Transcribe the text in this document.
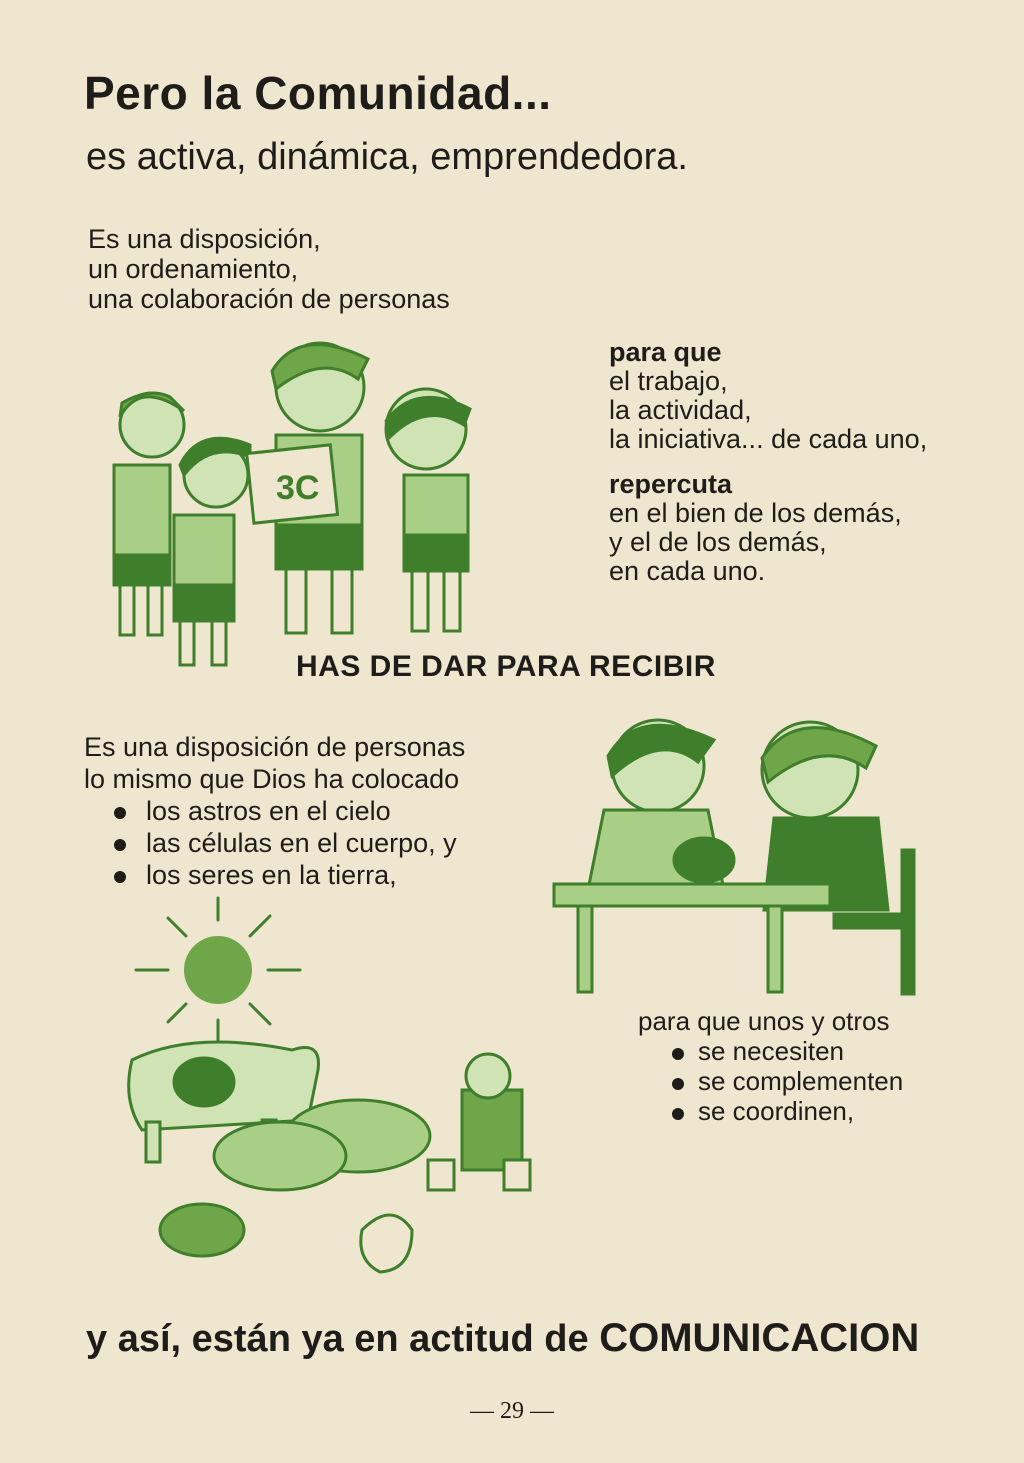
Pero la Comunidad...
es activa, dinámica, emprendedora.
Es una disposición,
un ordenamiento,
una colaboración de personas
3C
para que
el trabajo,
la actividad,
la iniciativa... de cada uno,
repercuta
en el bien de los demás,
y el de los demás,
en cada uno.
HAS DE DAR PARA RECIBIR
Es una disposición de personas
lo mismo que Dios ha colocado
los astros en el cielo
las células en el cuerpo, y
los seres en la tierra,
para que unos y otros
se necesiten
se complementen
se coordinen,
y así, están ya en actitud de COMUNICACION
— 29 —
